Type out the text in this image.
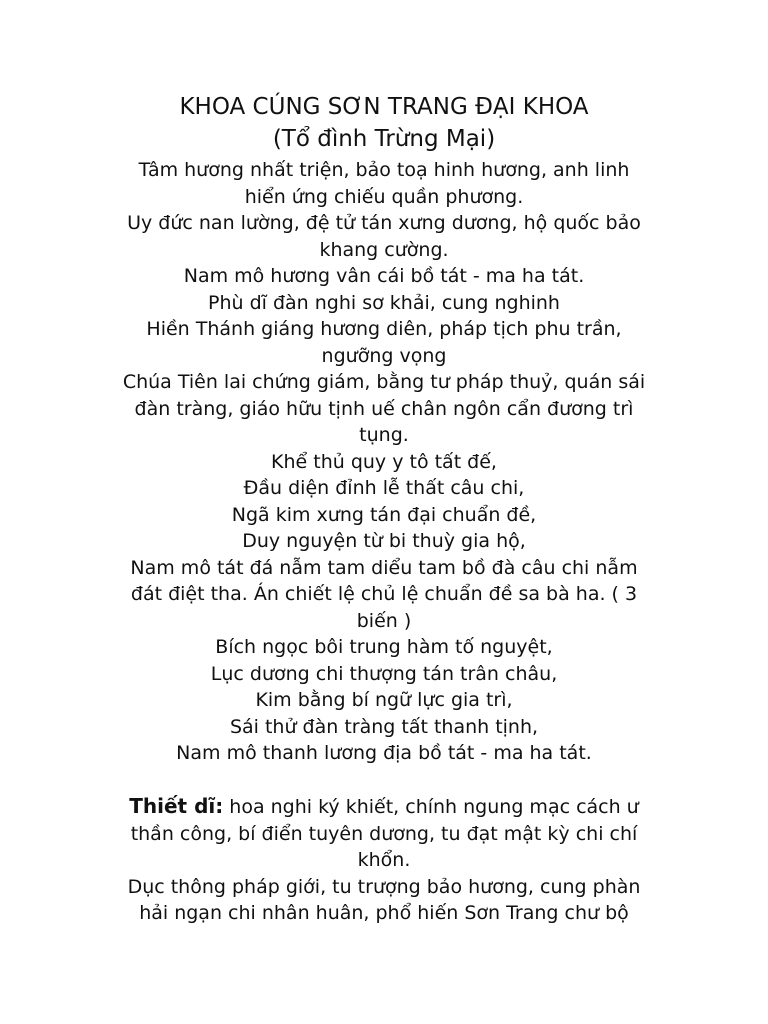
KHOA CÚNG SƠN TRANG ĐẠI KHOA
(Tổ đình Trừng Mại)
Tâm hương nhất triện, bảo toạ hinh hương, anh linh
hiển ứng chiếu quần phương.
Uy đức nan lường, đệ tử tán xưng dương, hộ quốc bảo
khang cường.
Nam mô hương vân cái bồ tát - ma ha tát.
Phù dĩ đàn nghi sơ khải, cung nghinh
Hiền Thánh giáng hương diên, pháp tịch phu trần,
ngưỡng vọng
Chúa Tiên lai chứng giám, bằng tư pháp thuỷ, quán sái
đàn tràng, giáo hữu tịnh uế chân ngôn cẩn đương trì
tụng.
Khể thủ quy y tô tất đế,
Đầu diện đỉnh lễ thất câu chi,
Ngã kim xưng tán đại chuẩn đề,
Duy nguyện từ bi thuỳ gia hộ,
Nam mô tát đá nẫm tam diểu tam bồ đà câu chi nẫm
đát điệt tha. Án chiết lệ chủ lệ chuẩn đề sa bà ha. ( 3
biến )
Bích ngọc bôi trung hàm tố nguyệt,
Lục dương chi thượng tán trân châu,
Kim bằng bí ngữ lực gia trì,
Sái thử đàn tràng tất thanh tịnh,
Nam mô thanh lương địa bồ tát - ma ha tát.
Thiết dĩ: hoa nghi ký khiết, chính ngung mạc cách ư
thần công, bí điển tuyên dương, tu đạt mật kỳ chi chí
khổn.
Dục thông pháp giới, tu trượng bảo hương, cung phàn
hải ngạn chi nhân huân, phổ hiến Sơn Trang chư bộ
